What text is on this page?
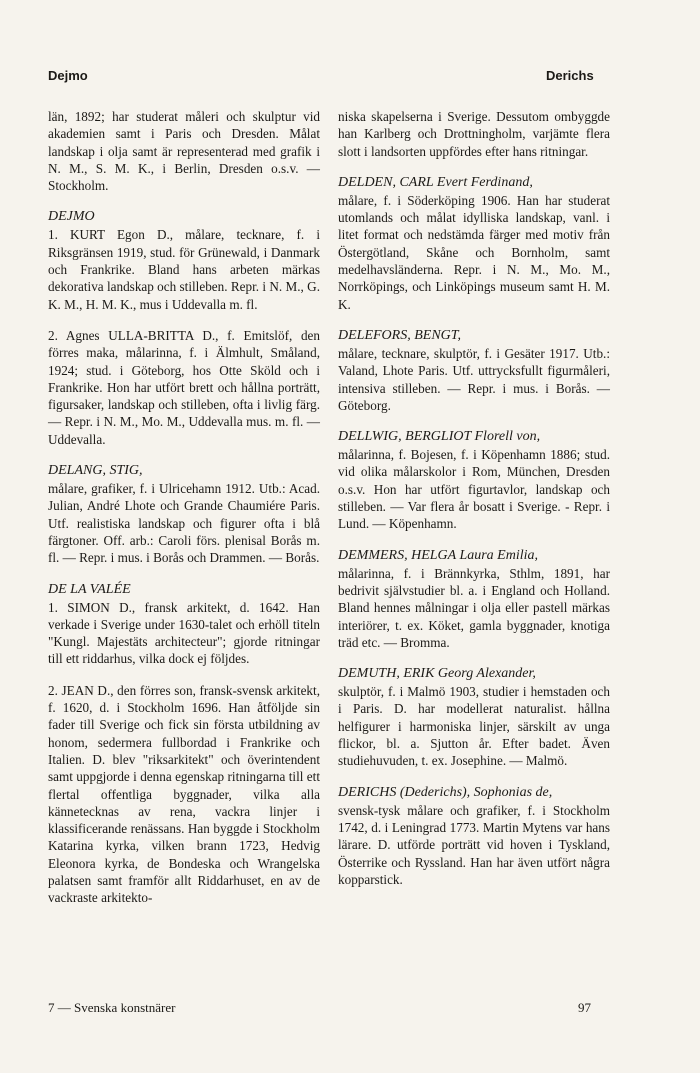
Dejmo	Derichs

län, 1892; har studerat måleri och skulptur vid akademien samt i Paris och Dresden. Målat landskap i olja samt är representerad med grafik i N. M., S. M. K., i Berlin, Dresden o.s.v. — Stockholm.

DEJMO

1. KURT Egon D., målare, tecknare, f. i Riksgränsen 1919, stud. för Grünewald, i Danmark och Frankrike. Bland hans arbeten märkas dekorativa landskap och stilleben. Repr. i N. M., G. K. M., H. M. K., mus i Uddevalla m. fl.

2. Agnes ULLA-BRITTA D., f. Emitslöf, den förres maka, målarinna, f. i Älmhult, Småland, 1924; stud. i Göteborg, hos Otte Sköld och i Frankrike. Hon har utfört brett och hållna porträtt, figursaker, landskap och stilleben, ofta i livlig färg. — Repr. i N. M., Mo. M., Uddevalla mus. m. fl. — Uddevalla.

DELANG, STIG,

målare, grafiker, f. i Ulricehamn 1912. Utb.: Acad. Julian, André Lhote och Grande Chaumiére Paris. Utf. realistiska landskap och figurer ofta i blå färgtoner. Off. arb.: Caroli förs. plenisal Borås m. fl. — Repr. i mus. i Borås och Drammen. — Borås.

DE LA VALÉE

1. SIMON D., fransk arkitekt, d. 1642. Han verkade i Sverige under 1630-talet och erhöll titeln "Kungl. Majestäts architecteur"; gjorde ritningar till ett riddarhus, vilka dock ej följdes.

2. JEAN D., den förres son, fransk-svensk arkitekt, f. 1620, d. i Stockholm 1696. Han åtföljde sin fader till Sverige och fick sin första utbildning av honom, sedermera fullbordad i Frankrike och Italien. D. blev "riksarkitekt" och överintendent samt uppgjorde i denna egenskap ritningarna till ett flertal offentliga byggnader, vilka alla kännetecknas av rena, vackra linjer i klassificerande renässans. Han byggde i Stockholm Katarina kyrka, vilken brann 1723, Hedvig Eleonora kyrka, de Bondeska och Wrangelska palatsen samt framför allt Riddarhuset, en av de vackraste arkitekto-

niska skapelserna i Sverige. Dessutom ombyggde han Karlberg och Drottningholm, varjämte flera slott i landsorten uppfördes efter hans ritningar.

DELDEN, CARL Evert Ferdinand,

målare, f. i Söderköping 1906. Han har studerat utomlands och målat idylliska landskap, vanl. i litet format och nedstämda färger med motiv från Östergötland, Skåne och Bornholm, samt medelhavsländerna. Repr. i N. M., Mo. M., Norrköpings, och Linköpings museum samt H. M. K.

DELEFORS, BENGT,

målare, tecknare, skulptör, f. i Gesäter 1917. Utb.: Valand, Lhote Paris. Utf. uttrycksfullt figurmåleri, intensiva stilleben. — Repr. i mus. i Borås. — Göteborg.

DELLWIG, BERGLIOT Florell von,

målarinna, f. Bojesen, f. i Köpenhamn 1886; stud. vid olika målarskolor i Rom, München, Dresden o.s.v. Hon har utfört figurtavlor, landskap och stilleben. — Var flera år bosatt i Sverige. - Repr. i Lund. — Köpenhamn.

DEMMERS, HELGA Laura Emilia,

målarinna, f. i Brännkyrka, Sthlm, 1891, har bedrivit självstudier bl. a. i England och Holland. Bland hennes målningar i olja eller pastell märkas interiörer, t. ex. Köket, gamla byggnader, knotiga träd etc. — Bromma.

DEMUTH, ERIK Georg Alexander,

skulptör, f. i Malmö 1903, studier i hemstaden och i Paris. D. har modellerat naturalist. hållna helfigurer i harmoniska linjer, särskilt av unga flickor, bl. a. Sjutton år. Efter badet. Även studiehuvuden, t. ex. Josephine. — Malmö.

DERICHS (Dederichs), Sophonias de,

svensk-tysk målare och grafiker, f. i Stockholm 1742, d. i Leningrad 1773. Martin Mytens var hans lärare. D. utförde porträtt vid hoven i Tyskland, Österrike och Ryssland. Han har även utfört några kopparstick.

7 — Svenska konstnärer	97
